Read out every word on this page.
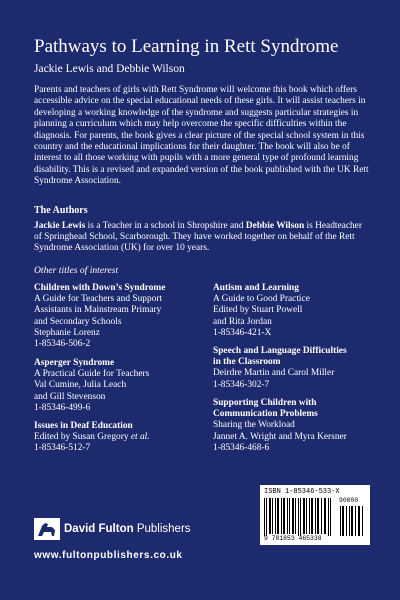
Pathways to Learning in Rett Syndrome
Jackie Lewis and Debbie Wilson

Parents and teachers of girls with Rett Syndrome will welcome this book which offers accessible advice on the special educational needs of these girls. It will assist teachers in developing a working knowledge of the syndrome and suggests particular strategies in planning a curriculum which may help overcome the specific difficulties within the diagnosis. For parents, the book gives a clear picture of the special school system in this country and the educational implications for their daughter. The book will also be of interest to all those working with pupils with a more general type of profound learning disability. This is a revised and expanded version of the book published with the UK Rett Syndrome Association.

The Authors

Jackie Lewis is a Teacher in a school in Shropshire and Debbie Wilson is Headteacher of Springhead School, Scarborough. They have worked together on behalf of the Rett Syndrome Association (UK) for over 10 years.

Other titles of interest
Children with Down’s Syndrome
A Guide for Teachers and Support
Assistants in Mainstream Primary
and Secondary Schools
Stephanie Lorenz
1-85346-506-2
Asperger Syndrome
A Practical Guide for Teachers
Val Cumine, Julia Leach
and Gill Stevenson
1-85346-499-6
Issues in Deaf Education
Edited by Susan Gregory et al.
1-85346-512-7
Autism and Learning
A Guide to Good Practice
Edited by Stuart Powell
and Rita Jordan
1-85346-421-X
Speech and Language Difficulties
in the Classroom
Deirdre Martin and Carol Miller
1-85346-302-7
Supporting Children with
Communication Problems
Sharing the Workload
Jannet A. Wright and Myra Kersner
1-85346-468-6
ISBN 1-85346-533-X
90000
9 781853 465338
David Fulton Publishers
www.fultonpublishers.co.uk
